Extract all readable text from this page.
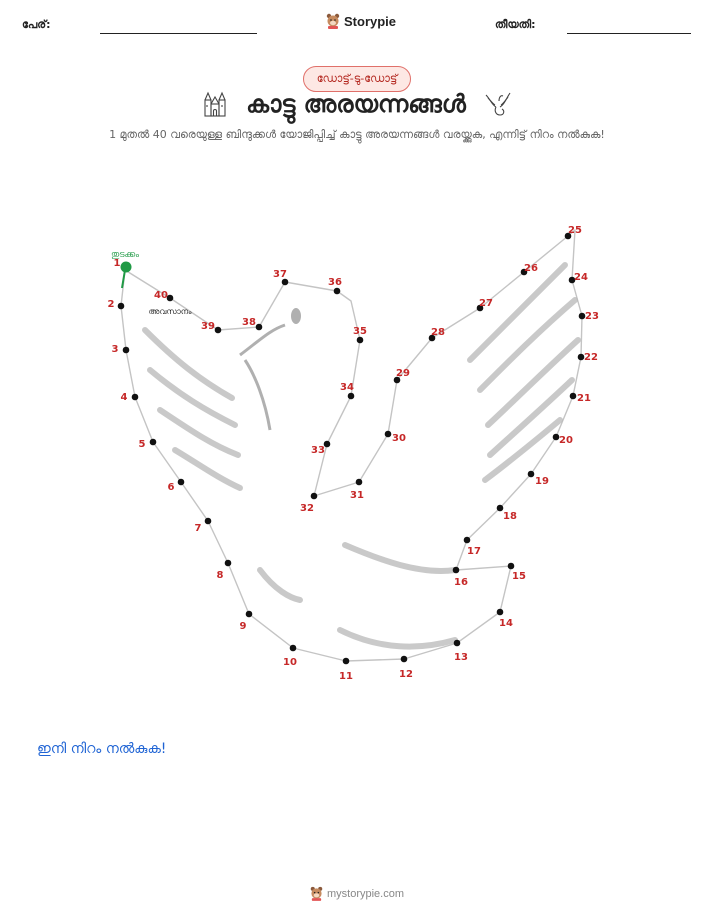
പേര്:	Storypie	തീയതി:
ഡോട്ട്-ടു-ഡോട്ട്
കാട്ടു അരയന്നങ്ങൾ
1 മുതൽ 40 വരെയുള്ള ബിന്ദുക്കൾ യോജിപ്പിച്ച് കാട്ടു അരയന്നങ്ങൾ വരയ്ക്കുക, എന്നിട്ട് നിറം നൽകുക!
1
2
3
4
5
6
7
8
9
10
11	12
13
14
15
16
17
18
19
20
21
22
23
24
25
26
27
28
29
30
31
32
33
34
35
36
37
38
39
40
തുടക്കം
അവസാനം
ഇനി നിറം നൽകുക!
mystorypie.com
